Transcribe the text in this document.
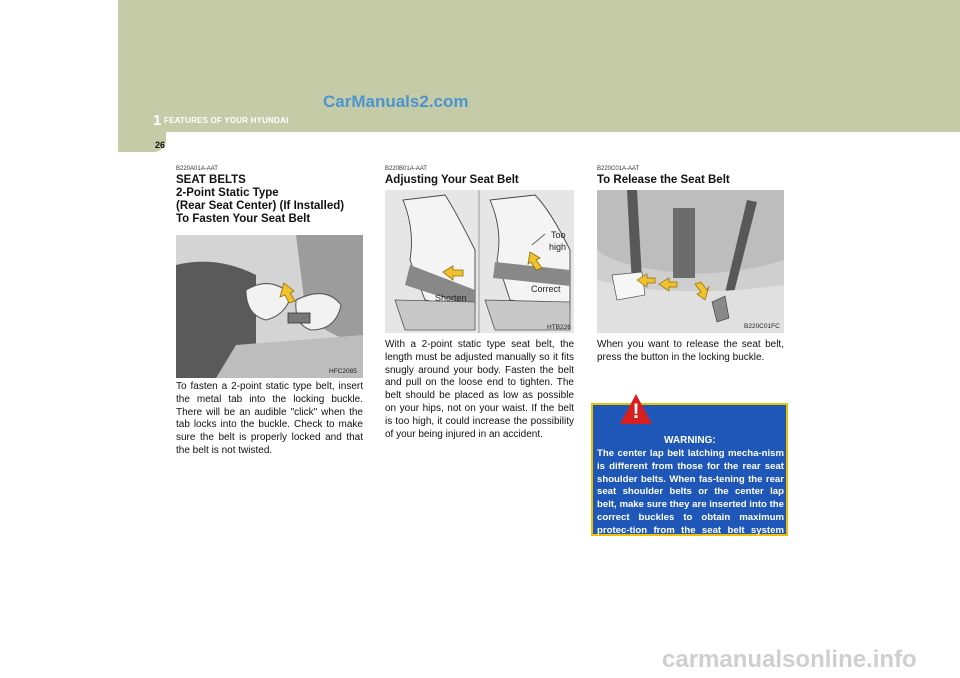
1 FEATURES OF YOUR HYUNDAI
CarManuals2.com
26
B220A01A-AAT
SEAT BELTS
2-Point Static Type
(Rear Seat Center) (If Installed)
To Fasten Your Seat Belt
HFC2085
To fasten a 2-point static type belt, insert the metal tab into the locking buckle. There will be an audible "click" when the tab locks into the buckle. Check to make sure the belt is properly locked and that the belt is not twisted.
B220B01A-AAT
Adjusting Your Seat Belt
Too
high
Correct
Shorten
HTB226
With a 2-point static type seat belt, the length must be adjusted manually so it fits snugly around your body. Fasten the belt and pull on the loose end to tighten. The belt should be placed as low as possible on your hips, not on your waist. If the belt is too high, it could increase the possibility of your being injured in an accident.
B220C01A-AAT
To Release the Seat Belt
B220C01FC
When you want to release the seat belt, press the button in the locking buckle.
!
WARNING:
The center lap belt latching mecha-nism is different from those for the rear seat shoulder belts. When fas-tening the rear seat shoulder belts or the center lap belt, make sure they are inserted into the correct buckles to obtain maximum protec-tion from the seat belt system and assure proper operation.
carmanualsonline.info
